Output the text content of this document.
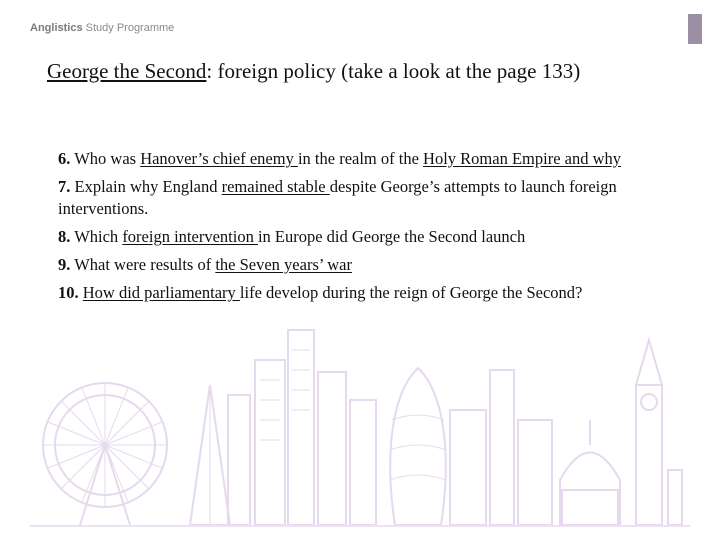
Anglistics Study Programme
George the Second: foreign policy (take a look at the page 133)

6. Who was Hanover’s chief enemy in the realm of the Holy Roman Empire and why

7. Explain why England remained stable despite George’s attempts to launch foreign interventions.

8. Which foreign intervention in Europe did George the Second launch

9. What were results of the Seven years’ war

10. How did parliamentary life develop during the reign of George the Second?
